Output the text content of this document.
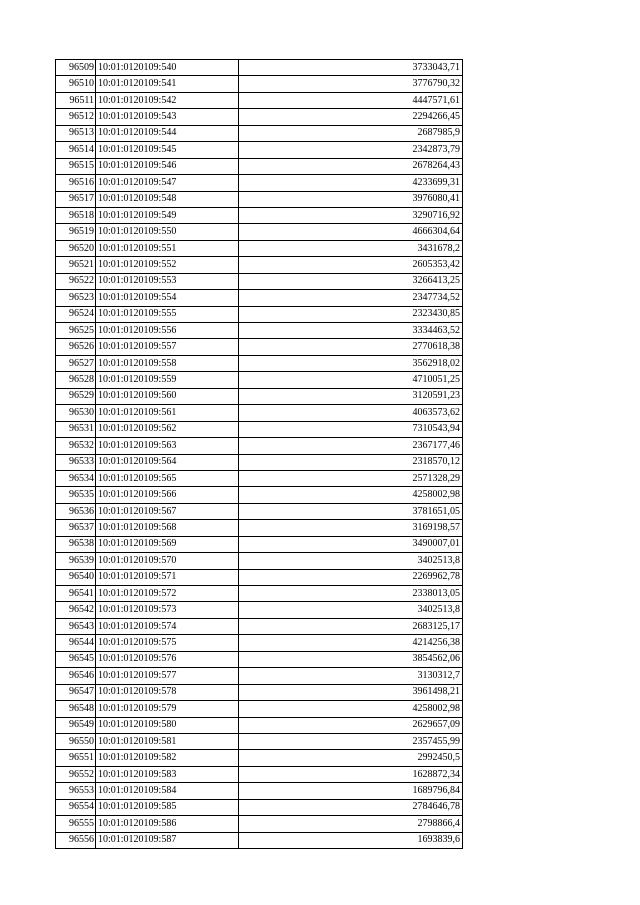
96509	10:01:0120109:540	3733043,71
96510	10:01:0120109:541	3776790,32
96511	10:01:0120109:542	4447571,61
96512	10:01:0120109:543	2294266,45
96513	10:01:0120109:544	2687985,9
96514	10:01:0120109:545	2342873,79
96515	10:01:0120109:546	2678264,43
96516	10:01:0120109:547	4233699,31
96517	10:01:0120109:548	3976080,41
96518	10:01:0120109:549	3290716,92
96519	10:01:0120109:550	4666304,64
96520	10:01:0120109:551	3431678,2
96521	10:01:0120109:552	2605353,42
96522	10:01:0120109:553	3266413,25
96523	10:01:0120109:554	2347734,52
96524	10:01:0120109:555	2323430,85
96525	10:01:0120109:556	3334463,52
96526	10:01:0120109:557	2770618,38
96527	10:01:0120109:558	3562918,02
96528	10:01:0120109:559	4710051,25
96529	10:01:0120109:560	3120591,23
96530	10:01:0120109:561	4063573,62
96531	10:01:0120109:562	7310543,94
96532	10:01:0120109:563	2367177,46
96533	10:01:0120109:564	2318570,12
96534	10:01:0120109:565	2571328,29
96535	10:01:0120109:566	4258002,98
96536	10:01:0120109:567	3781651,05
96537	10:01:0120109:568	3169198,57
96538	10:01:0120109:569	3490007,01
96539	10:01:0120109:570	3402513,8
96540	10:01:0120109:571	2269962,78
96541	10:01:0120109:572	2338013,05
96542	10:01:0120109:573	3402513,8
96543	10:01:0120109:574	2683125,17
96544	10:01:0120109:575	4214256,38
96545	10:01:0120109:576	3854562,06
96546	10:01:0120109:577	3130312,7
96547	10:01:0120109:578	3961498,21
96548	10:01:0120109:579	4258002,98
96549	10:01:0120109:580	2629657,09
96550	10:01:0120109:581	2357455,99
96551	10:01:0120109:582	2992450,5
96552	10:01:0120109:583	1628872,34
96553	10:01:0120109:584	1689796,84
96554	10:01:0120109:585	2784646,78
96555	10:01:0120109:586	2798866,4
96556	10:01:0120109:587	1693839,6
